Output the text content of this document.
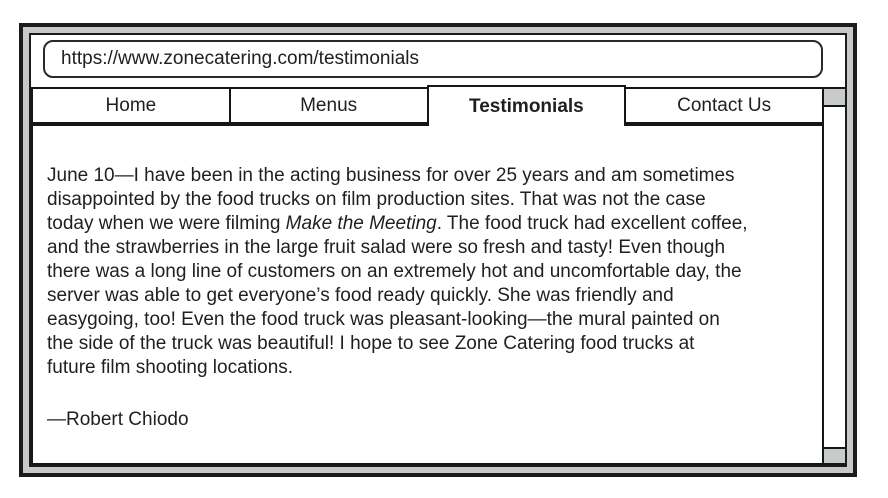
https://www.zonecatering.com/testimonials
Home	Menus	Testimonials	Contact Us
June 10—I have been in the acting business for over 25 years and am sometimes
disappointed by the food trucks on film production sites. That was not the case
today when we were filming Make the Meeting. The food truck had excellent coffee,
and the strawberries in the large fruit salad were so fresh and tasty! Even though
there was a long line of customers on an extremely hot and uncomfortable day, the
server was able to get everyone’s food ready quickly. She was friendly and
easygoing, too! Even the food truck was pleasant-looking—the mural painted on
the side of the truck was beautiful! I hope to see Zone Catering food trucks at
future film shooting locations.
—Robert Chiodo
